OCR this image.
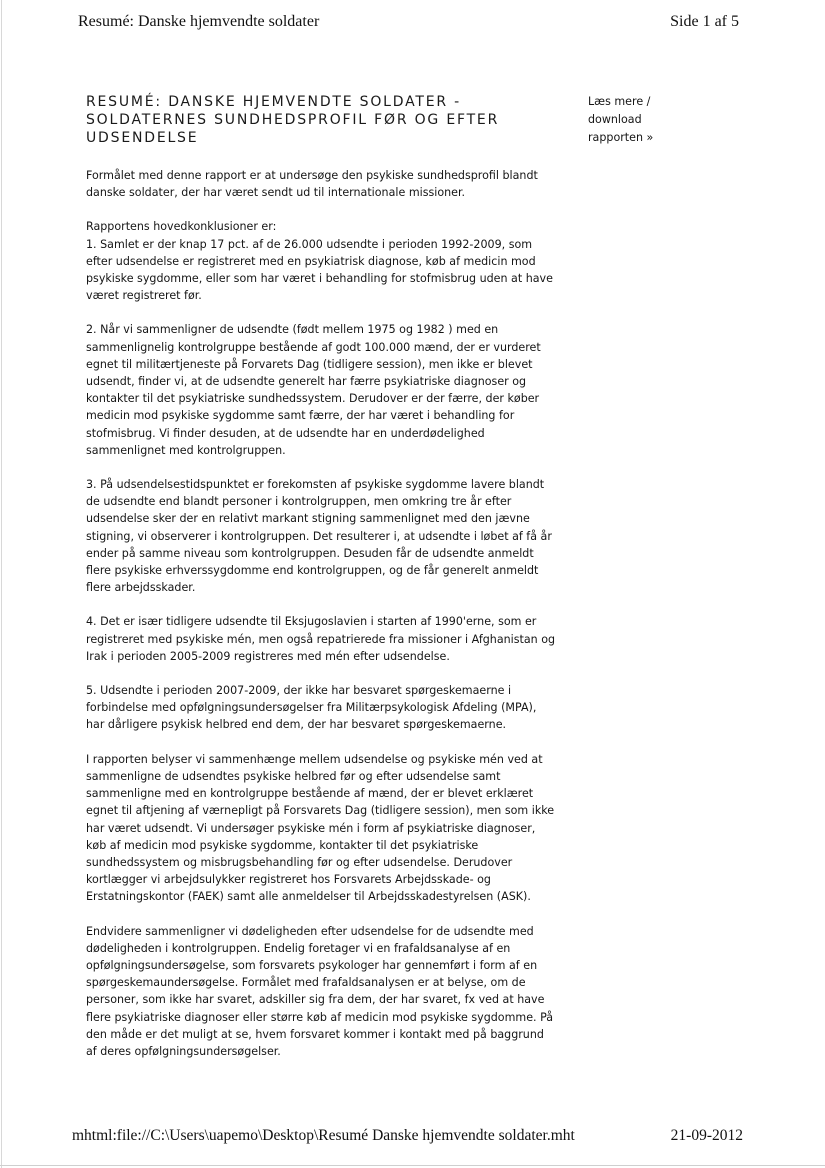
Resumé: Danske hjemvendte soldater	Side 1 af 5
RESUMÉ: DANSKE HJEMVENDTE SOLDATER -
SOLDATERNES SUNDHEDSPROFIL FØR OG EFTER
UDSENDELSE

Formålet med denne rapport er at undersøge den psykiske sundhedsprofil blandt
danske soldater, der har været sendt ud til internationale missioner.

Rapportens hovedkonklusioner er:
1. Samlet er der knap 17 pct. af de 26.000 udsendte i perioden 1992-2009, som
efter udsendelse er registreret med en psykiatrisk diagnose, køb af medicin mod
psykiske sygdomme, eller som har været i behandling for stofmisbrug uden at have
været registreret før.

2. Når vi sammenligner de udsendte (født mellem 1975 og 1982 ) med en
sammenlignelig kontrolgruppe bestående af godt 100.000 mænd, der er vurderet
egnet til militærtjeneste på Forvarets Dag (tidligere session), men ikke er blevet
udsendt, finder vi, at de udsendte generelt har færre psykiatriske diagnoser og
kontakter til det psykiatriske sundhedssystem. Derudover er der færre, der køber
medicin mod psykiske sygdomme samt færre, der har været i behandling for
stofmisbrug. Vi finder desuden, at de udsendte har en underdødelighed
sammenlignet med kontrolgruppen.

3. På udsendelsestidspunktet er forekomsten af psykiske sygdomme lavere blandt
de udsendte end blandt personer i kontrolgruppen, men omkring tre år efter
udsendelse sker der en relativt markant stigning sammenlignet med den jævne
stigning, vi observerer i kontrolgruppen. Det resulterer i, at udsendte i løbet af få år
ender på samme niveau som kontrolgruppen. Desuden får de udsendte anmeldt
flere psykiske erhverssygdomme end kontrolgruppen, og de får generelt anmeldt
flere arbejdsskader.

4. Det er især tidligere udsendte til Eksjugoslavien i starten af 1990'erne, som er
registreret med psykiske mén, men også repatrierede fra missioner i Afghanistan og
Irak i perioden 2005-2009 registreres med mén efter udsendelse.

5. Udsendte i perioden 2007-2009, der ikke har besvaret spørgeskemaerne i
forbindelse med opfølgningsundersøgelser fra Militærpsykologisk Afdeling (MPA),
har dårligere psykisk helbred end dem, der har besvaret spørgeskemaerne.

I rapporten belyser vi sammenhænge mellem udsendelse og psykiske mén ved at
sammenligne de udsendtes psykiske helbred før og efter udsendelse samt
sammenligne med en kontrolgruppe bestående af mænd, der er blevet erklæret
egnet til aftjening af værnepligt på Forsvarets Dag (tidligere session), men som ikke
har været udsendt. Vi undersøger psykiske mén i form af psykiatriske diagnoser,
køb af medicin mod psykiske sygdomme, kontakter til det psykiatriske
sundhedssystem og misbrugsbehandling før og efter udsendelse. Derudover
kortlægger vi arbejdsulykker registreret hos Forsvarets Arbejdsskade- og
Erstatningskontor (FAEK) samt alle anmeldelser til Arbejdsskadestyrelsen (ASK).

Endvidere sammenligner vi dødeligheden efter udsendelse for de udsendte med
dødeligheden i kontrolgruppen. Endelig foretager vi en frafaldsanalyse af en
opfølgningsundersøgelse, som forsvarets psykologer har gennemført i form af en
spørgeskemaundersøgelse. Formålet med frafaldsanalysen er at belyse, om de
personer, som ikke har svaret, adskiller sig fra dem, der har svaret, fx ved at have
flere psykiatriske diagnoser eller større køb af medicin mod psykiske sygdomme. På
den måde er det muligt at se, hvem forsvaret kommer i kontakt med på baggrund
af deres opfølgningsundersøgelser.

Læs mere /
download
rapporten »
mhtml:file://C:\Users\uapemo\Desktop\Resumé Danske hjemvendte soldater.mht	21-09-2012
